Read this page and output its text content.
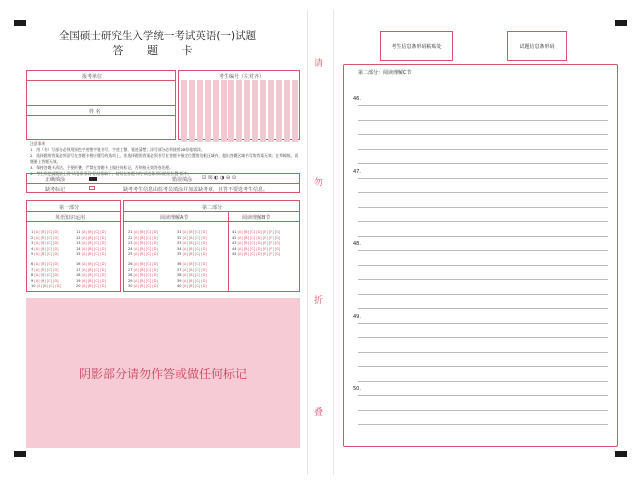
全国硕士研究生入学统一考试英语(一)试题
答 题 卡
报考单位
姓 名
考生编号（左对齐）
注意事项
1．用（书）写部分必须用黑色字迹签字笔书写，字迹工整、笔迹清楚；涂写部分必须使用2B铅笔填涂。
2．选择题的答案必须涂写在答题卡相应题号的选项上，非选择题的答案必须书写在答题卡指定位置的边框区域内，超出答题区域书写的答案无效；在草稿纸、试题册上答题无效。
3．保持答题卡清洁，不要折叠，严禁在答题卡上做任何标记，否则按无效答卷处理。
4．考生须把试题册上的"试卷条形码"粘贴条取下，粘贴在答题卡的"试卷条形码粘贴位置"框中。
正确填涂	错误填涂 ☑ ☒ ◐ ◑ ⊖ ⊙
缺考标记	缺考考生信息由监考员填涂并加盖缺考章，且答不要选考生信息。
第一部分
英语知识运用
第二部分
阅读理解A节	阅读理解B节
1 [A] [B] [C] [D]	11 [A] [B] [C] [D]
2 [A] [B] [C] [D]	12 [A] [B] [C] [D]
3 [A] [B] [C] [D]	13 [A] [B] [C] [D]
4 [A] [B] [C] [D]	14 [A] [B] [C] [D]
5 [A] [B] [C] [D]	15 [A] [B] [C] [D]
6 [A] [B] [C] [D]	16 [A] [B] [C] [D]
7 [A] [B] [C] [D]	17 [A] [B] [C] [D]
8 [A] [B] [C] [D]	18 [A] [B] [C] [D]
9 [A] [B] [C] [D]	19 [A] [B] [C] [D]
10 [A] [B] [C] [D]	20 [A] [B] [C] [D]
21 [A] [B] [C] [D]	31 [A] [B] [C] [D]
22 [A] [B] [C] [D]	32 [A] [B] [C] [D]
23 [A] [B] [C] [D]	33 [A] [B] [C] [D]
24 [A] [B] [C] [D]	34 [A] [B] [C] [D]
25 [A] [B] [C] [D]	35 [A] [B] [C] [D]
26 [A] [B] [C] [D]	36 [A] [B] [C] [D]
27 [A] [B] [C] [D]	37 [A] [B] [C] [D]
28 [A] [B] [C] [D]	38 [A] [B] [C] [D]
29 [A] [B] [C] [D]	39 [A] [B] [C] [D]
30 [A] [B] [C] [D]	40 [A] [B] [C] [D]
41 [A] [B] [C] [D] [E] [F] [G]
42 [A] [B] [C] [D] [E] [F] [G]
43 [A] [B] [C] [D] [E] [F] [G]
44 [A] [B] [C] [D] [E] [F] [G]
45 [A] [B] [C] [D] [E] [F] [G]
阴影部分请勿作答或做任何标记
请
勿
折
叠
考生信息条形码粘贴处	试题信息条形码
第二部分：阅读理解C节
46.
47.
48.
49.
50.
